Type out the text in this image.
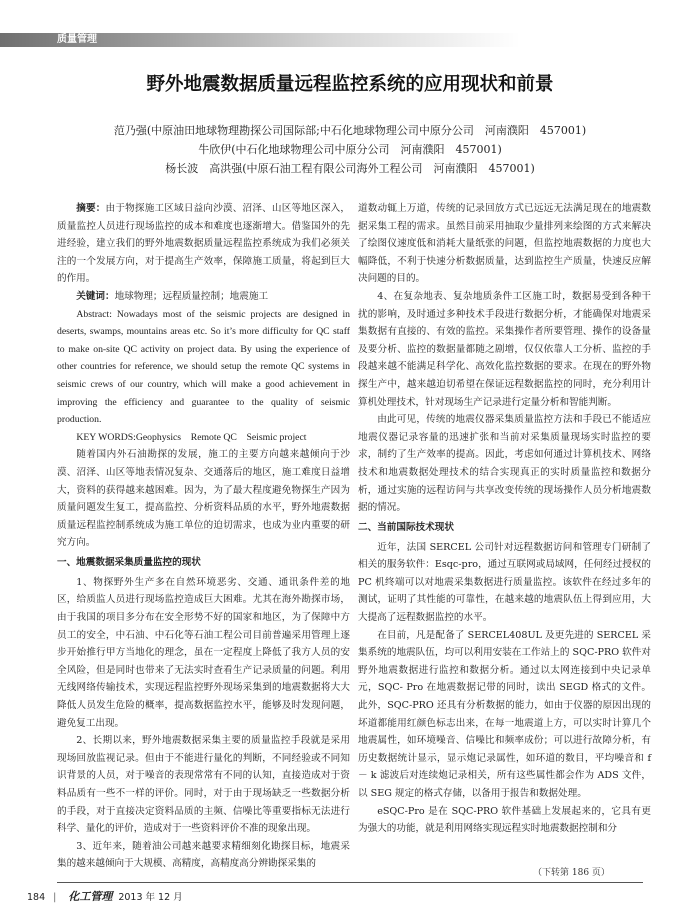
质量管理
野外地震数据质量远程监控系统的应用现状和前景
范乃强(中原油田地球物理勘探公司国际部;中石化地球物理公司中原分公司　河南濮阳　457001)
牛欣伊(中石化地球物理公司中原分公司　河南濮阳　457001)
杨长波　高洪强(中原石油工程有限公司海外工程公司　河南濮阳　457001)

摘要：由于物探施工区域日益向沙漠、沼泽、山区等地区深入，质量监控人员进行现场监控的成本和难度也逐渐增大。借鉴国外的先进经验，建立我们的野外地震数据质量远程监控系统成为我们必须关注的一个发展方向，对于提高生产效率，保障施工质量，将起到巨大的作用。

关键词：地球物理；远程质量控制；地震施工

Abstract: Nowadays most of the seismic projects are designed in deserts, swamps, mountains areas etc. So it’s more difficulty for QC staff to make on-site QC activity on project data. By using the experience of other countries for reference, we should setup the remote QC systems in seismic crews of our country, which will make a good achievement in improving the efficiency and guarantee to the quality of seismic production.

KEY WORDS:Geophysics　Remote QC　Seismic project

随着国内外石油勘探的发展，施工的主要方向越来越倾向于沙漠、沼泽、山区等地表情况复杂、交通落后的地区，施工难度日益增大，资料的获得越来越困难。因为，为了最大程度避免物探生产因为质量问题发生复工，提高监控、分析资料品质的水平，野外地震数据质量远程监控制系统成为施工单位的迫切需求，也成为业内重要的研究方向。

一、地震数据采集质量监控的现状

1、物探野外生产多在自然环境恶劣、交通、通讯条件差的地区，给质监人员进行现场监控造成巨大困难。尤其在海外勘探市场，由于我国的项目多分布在安全形势不好的国家和地区，为了保障中方员工的安全，中石油、中石化等石油工程公司目前普遍采用管理上逐步开始推行甲方当地化的理念，虽在一定程度上降低了我方人员的安全风险，但是同时也带来了无法实时查看生产记录质量的问题。利用无线网络传输技术，实现远程监控野外现场采集到的地震数据将大大降低人员发生危险的概率，提高数据监控水平，能够及时发现问题，避免复工出现。

2、长期以来，野外地震数据采集主要的质量监控手段就是采用现场回放监视记录。但由于不能进行量化的判断，不同经验或不同知识背景的人员，对于噪音的表现常常有不同的认知，直接造成对于资料品质有一些不一样的评价。同时，对于由于现场缺乏一些数据分析的手段，对于直接决定资料品质的主频、信噪比等重要指标无法进行科学、量化的评价，造成对于一些资料评价不准的现象出现。

3、近年来，随着油公司越来越要求精细刻化勘探目标，地震采集的越来越倾向于大规模、高精度，高精度高分辨勘探采集的

道数动辄上万道，传统的记录回放方式已远远无法满足现在的地震数据采集工程的需求。虽然目前采用抽取少量排列来绘图的方式来解决了绘图仪速度低和消耗大量纸张的问题，但监控地震数据的力度也大幅降低，不利于快速分析数据质量，达到监控生产质量，快速反应解决问题的目的。

4、在复杂地表、复杂地质条件工区施工时，数据易受到各种干扰的影响，及时通过多种技术手段进行数据分析，才能确保对地震采集数据有直接的、有效的监控。采集操作者所要管理、操作的设备量及要分析、监控的数据量都随之剧增，仅仅依靠人工分析、监控的手段越来越不能满足科学化、高效化监控数据的要求。在现在的野外物探生产中，越来越迫切希望在保证远程数据监控的同时，充分利用计算机处理技术，针对现场生产记录进行定量分析和智能判断。

由此可见，传统的地震仪器采集质量监控方法和手段已不能适应地震仪器记录容量的迅速扩张和当前对采集质量现场实时监控的要求，制约了生产效率的提高。因此，考虑如何通过计算机技术、网络技术和地震数据处理技术的结合实现真正的实时质量监控和数据分析，通过实施的远程访问与共享改变传统的现场操作人员分析地震数据的情况。

二、当前国际技术现状

近年，法国 SERCEL 公司针对远程数据访问和管理专门研制了相关的服务软件：Esqc-pro，通过互联网或局域网，任何经过授权的 PC 机终端可以对地震采集数据进行质量监控。该软件在经过多年的测试，证明了其性能的可靠性，在越来越的地震队伍上得到应用，大大提高了远程数据监控的水平。

在目前，凡是配备了 SERCEL408UL 及更先进的 SERCEL 采集系统的地震队伍，均可以利用安装在工作站上的 SQC-PRO 软件对野外地震数据进行监控和数据分析。通过以太网连接到中央记录单元，SQC- Pro 在地震数据记带的同时，读出 SEGD 格式的文件。此外，SQC-PRO 还具有分析数据的能力，如由于仪器的原因出现的坏道都能用红颜色标志出来，在每一地震道上方，可以实时计算几个地震属性，如环境噪音、信噪比和频率成份；可以进行故障分析，有历史数据统计显示，显示炮记录属性，如环道的数目，平均噪音和 f － k 滤波后对连续炮记录相关，所有这些属性都会作为 ADS 文件，以 SEG 规定的格式存储，以备用于报告和数据处理。

eSQC-Pro 是在 SQC-PRO 软件基础上发展起来的，它具有更为强大的功能，就是利用网络实现远程实时地震数据控制和分

（下转第 186 页）
184 | 化工管理 2013 年 12 月
